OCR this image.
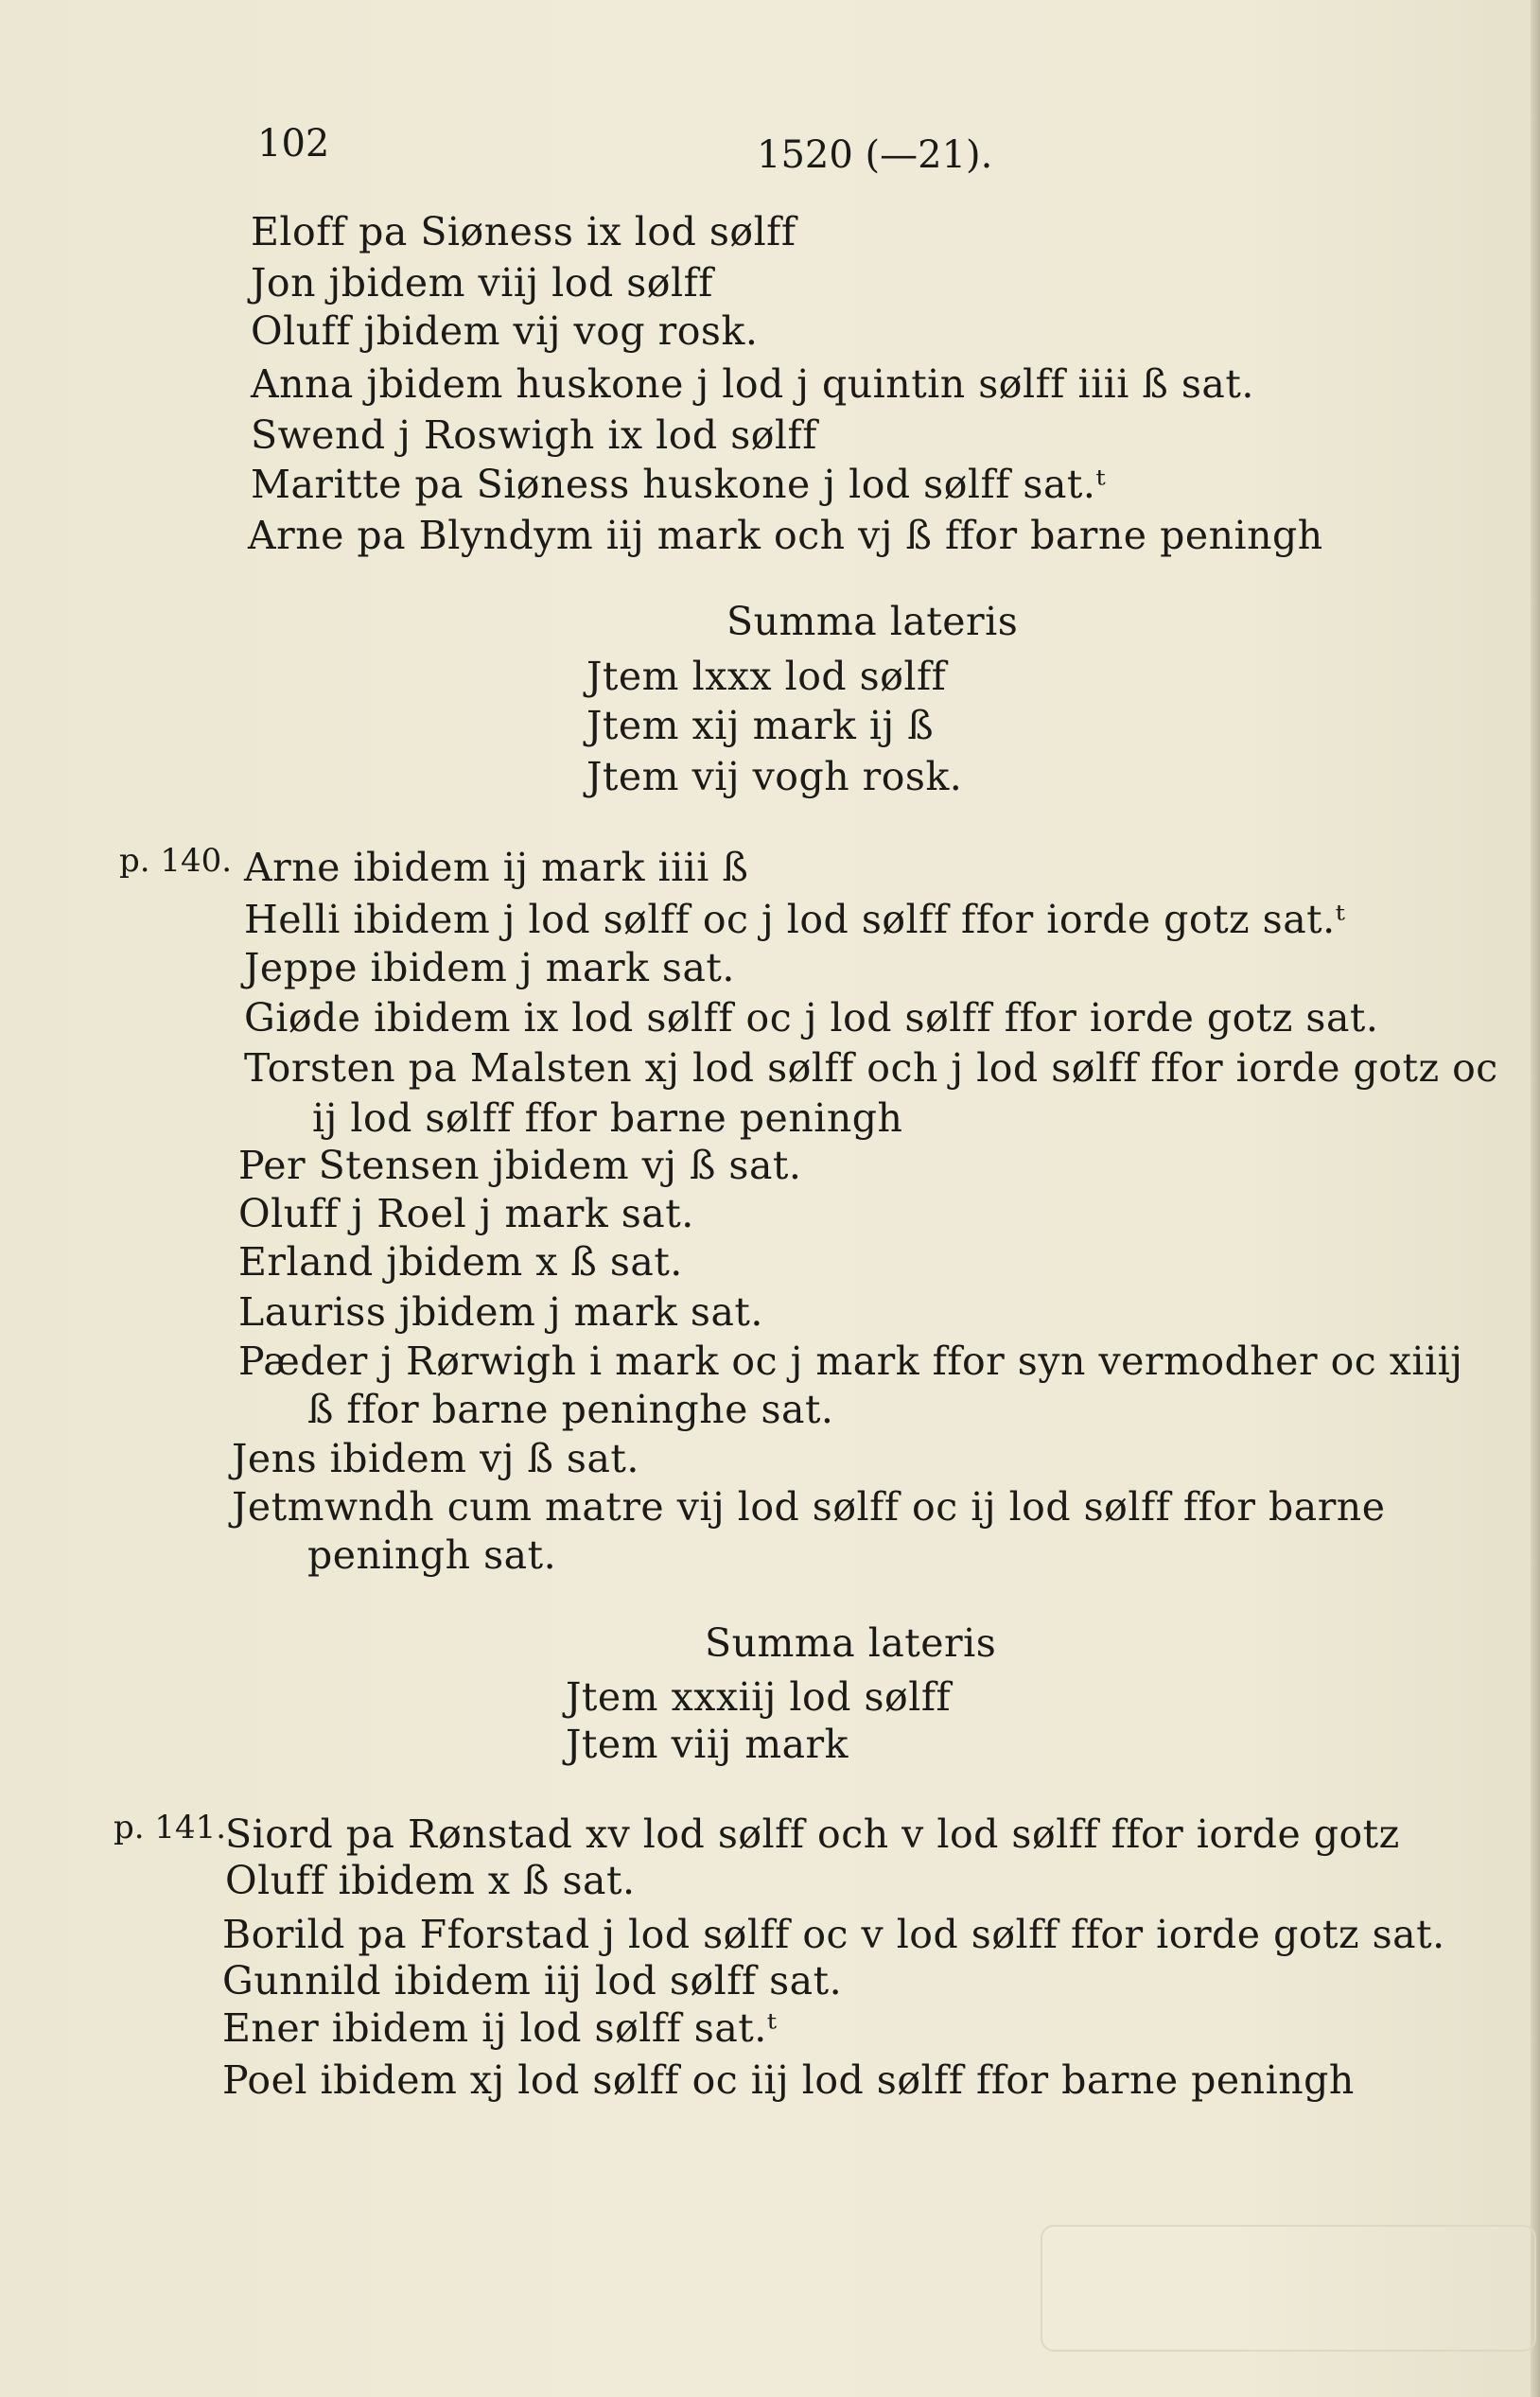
102	1520 (—21).
Eloff pa Siøness ix lod sølff
Jon jbidem viij lod sølff
Oluff jbidem vij vog rosk.
Anna jbidem huskone j lod j quintin sølff iiii ß sat.
Swend j Roswigh ix lod sølff
Maritte pa Siøness huskone j lod sølff sat.ᵗ
Arne pa Blyndym iij mark och vj ß ffor barne peningh
Summa lateris
Jtem lxxx lod sølff
Jtem xij mark ij ß
Jtem vij vogh rosk.
p. 140. Arne ibidem ij mark iiii ß
Helli ibidem j lod sølff oc j lod sølff ffor iorde gotz sat.ᵗ
Jeppe ibidem j mark sat.
Giøde ibidem ix lod sølff oc j lod sølff ffor iorde gotz sat.
Torsten pa Malsten xj lod sølff och j lod sølff ffor iorde gotz oc
ij lod sølff ffor barne peningh
Per Stensen jbidem vj ß sat.
Oluff j Roel j mark sat.
Erland jbidem x ß sat.
Lauriss jbidem j mark sat.
Pæder j Rørwigh i mark oc j mark ffor syn vermodher oc xiiij
ß ffor barne peninghe sat.
Jens ibidem vj ß sat.
Jetmwndh cum matre vij lod sølff oc ij lod sølff ffor barne
peningh sat.
Summa lateris
Jtem xxxiij lod sølff
Jtem viij mark
p. 141.
Siord pa Rønstad xv lod sølff och v lod sølff ffor iorde gotz
Oluff ibidem x ß sat.
Borild pa Fforstad j lod sølff oc v lod sølff ffor iorde gotz sat.
Gunnild ibidem iij lod sølff sat.
Ener ibidem ij lod sølff sat.ᵗ
Poel ibidem xj lod sølff oc iij lod sølff ffor barne peningh
